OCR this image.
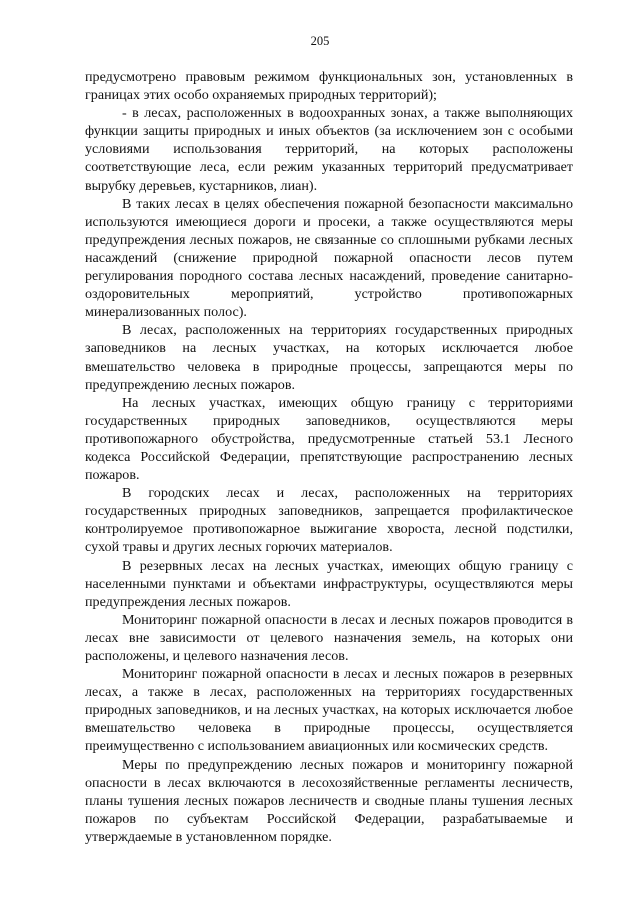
205

предусмотрено правовым режимом функциональных зон, установленных в границах этих особо охраняемых природных территорий);

- в лесах, расположенных в водоохранных зонах, а также выполняющих функции защиты природных и иных объектов (за исключением зон с особыми условиями использования территорий, на которых расположены соответствующие леса, если режим указанных территорий предусматривает вырубку деревьев, кустарников, лиан).

В таких лесах в целях обеспечения пожарной безопасности максимально используются имеющиеся дороги и просеки, а также осуществляются меры предупреждения лесных пожаров, не связанные со сплошными рубками лесных насаждений (снижение природной пожарной опасности лесов путем регулирования породного состава лесных насаждений, проведение санитарно-оздоровительных мероприятий, устройство противопожарных минерализованных полос).

В лесах, расположенных на территориях государственных природных заповедников на лесных участках, на которых исключается любое вмешательство человека в природные процессы, запрещаются меры по предупреждению лесных пожаров.

На лесных участках, имеющих общую границу с территориями государственных природных заповедников, осуществляются меры противопожарного обустройства, предусмотренные статьей 53.1 Лесного кодекса Российской Федерации, препятствующие распространению лесных пожаров.

В городских лесах и лесах, расположенных на территориях государственных природных заповедников, запрещается профилактическое контролируемое противопожарное выжигание хвороста, лесной подстилки, сухой травы и других лесных горючих материалов.

В резервных лесах на лесных участках, имеющих общую границу с населенными пунктами и объектами инфраструктуры, осуществляются меры предупреждения лесных пожаров.

Мониторинг пожарной опасности в лесах и лесных пожаров проводится в лесах вне зависимости от целевого назначения земель, на которых они расположены, и целевого назначения лесов.

Мониторинг пожарной опасности в лесах и лесных пожаров в резервных лесах, а также в лесах, расположенных на территориях государственных природных заповедников, и на лесных участках, на которых исключается любое вмешательство человека в природные процессы, осуществляется преимущественно с использованием авиационных или космических средств.

Меры по предупреждению лесных пожаров и мониторингу пожарной опасности в лесах включаются в лесохозяйственные регламенты лесничеств, планы тушения лесных пожаров лесничеств и сводные планы тушения лесных пожаров по субъектам Российской Федерации, разрабатываемые и утверждаемые в установленном порядке.
